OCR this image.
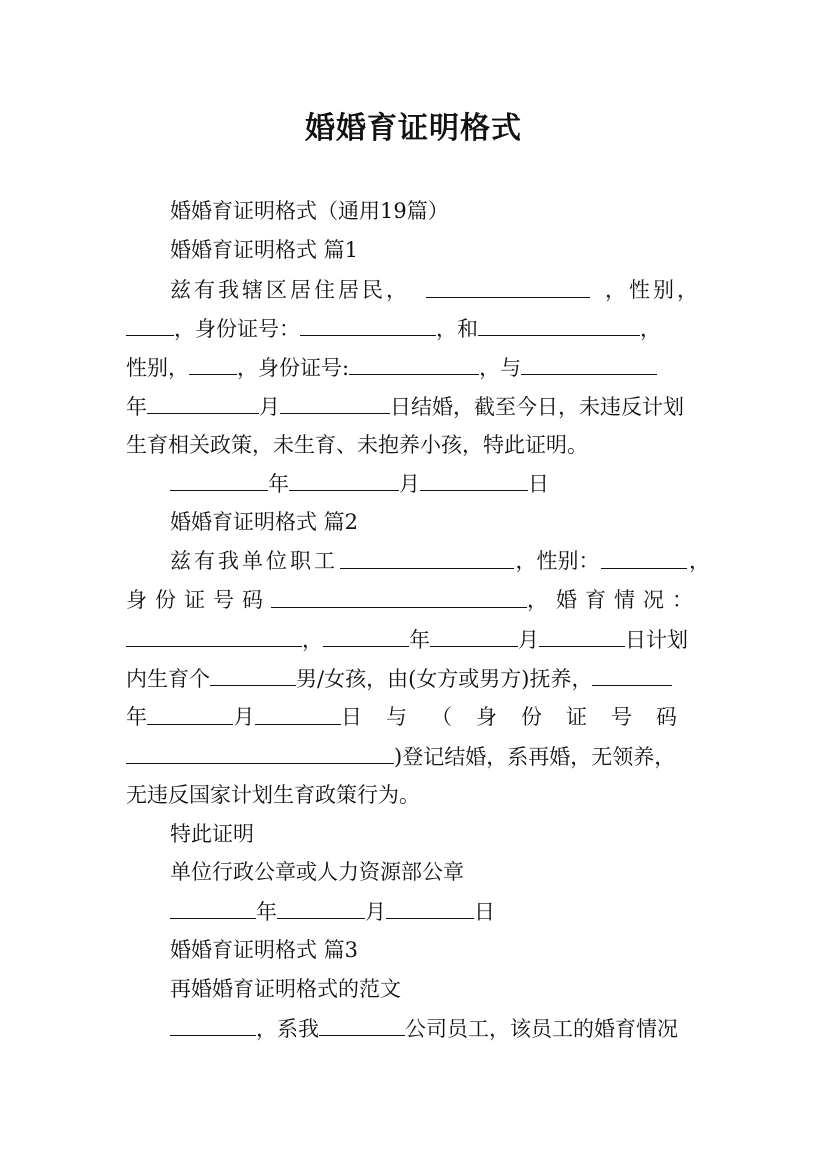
婚婚育证明格式
婚婚育证明格式（通用19篇）
婚婚育证明格式 篇1
兹有我辖区居住居民，	，性别，
，身份证号：	，和	，
性别， ，身份证号:	，与
年	月	日结婚，截至今日，未违反计划
生育相关政策，未生育、未抱养小孩，特此证明。
年	月	日
婚婚育证明格式 篇2
兹有我单位职工	，性别：	，
身份证号码	，婚育情况：
，	年	月	日计划
内生育个	男/女孩，由(女方或男方)抚养，
年	月	日与（身份证号码
)登记结婚，系再婚，无领养，
无违反国家计划生育政策行为。
特此证明
单位行政公章或人力资源部公章
年	月	日
婚婚育证明格式 篇3
再婚婚育证明格式的范文
，系我	公司员工，该员工的婚育情况
